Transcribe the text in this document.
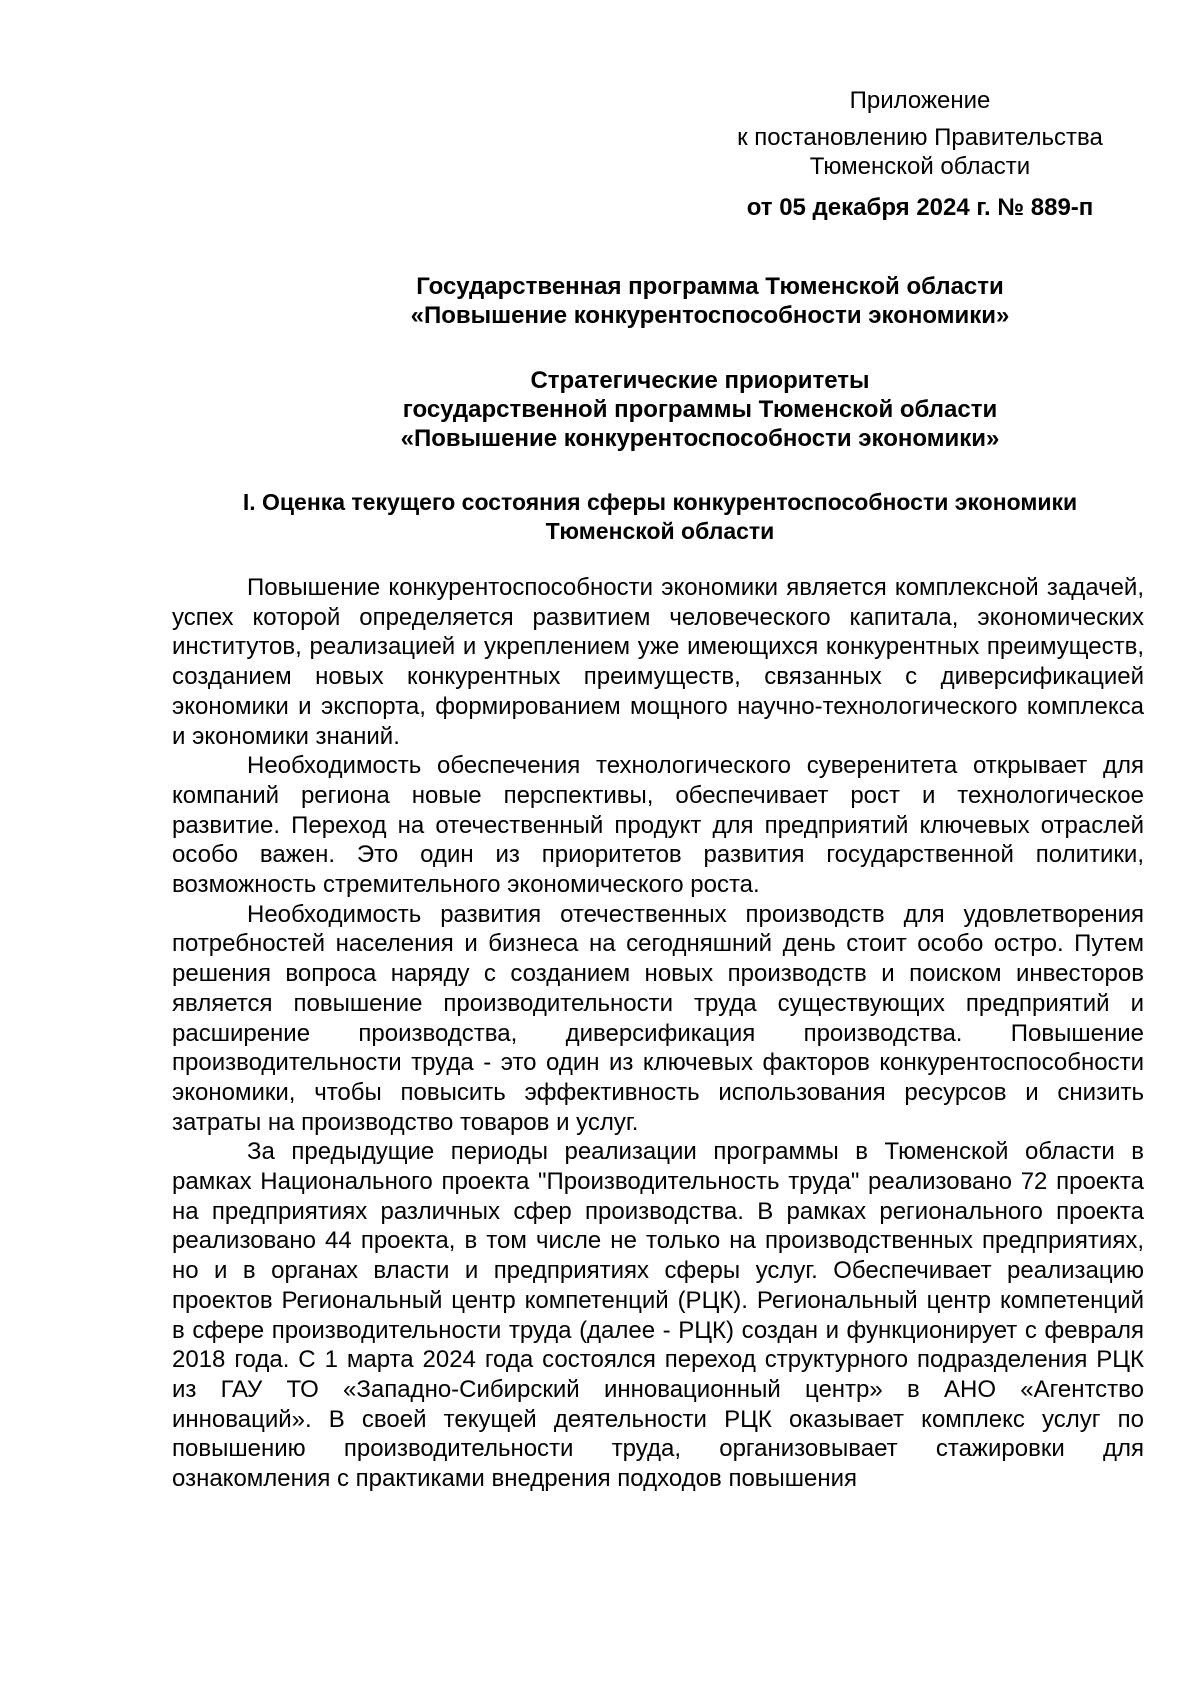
Приложение
к постановлению Правительства Тюменской области
от 05 декабря 2024 г. № 889-п
Государственная программа Тюменской области
«Повышение конкурентоспособности экономики»
Стратегические приоритеты
государственной программы Тюменской области
«Повышение конкурентоспособности экономики»
I. Оценка текущего состояния сферы конкурентоспособности экономики
Тюменской области

Повышение конкурентоспособности экономики является комплексной задачей, успех которой определяется развитием человеческого капитала, экономических институтов, реализацией и укреплением уже имеющихся конкурентных преимуществ, созданием новых конкурентных преимуществ, связанных с диверсификацией экономики и экспорта, формированием мощного научно-технологического комплекса и экономики знаний.

Необходимость обеспечения технологического суверенитета открывает для компаний региона новые перспективы, обеспечивает рост и технологическое развитие. Переход на отечественный продукт для предприятий ключевых отраслей особо важен. Это один из приоритетов развития государственной политики, возможность стремительного экономического роста.

Необходимость развития отечественных производств для удовлетворения потребностей населения и бизнеса на сегодняшний день стоит особо остро. Путем решения вопроса наряду с созданием новых производств и поиском инвесторов является повышение производительности труда существующих предприятий и расширение производства, диверсификация производства. Повышение производительности труда - это один из ключевых факторов конкурентоспособности экономики, чтобы повысить эффективность использования ресурсов и снизить затраты на производство товаров и услуг.

За предыдущие периоды реализации программы в Тюменской области в рамках Национального проекта "Производительность труда" реализовано 72 проекта на предприятиях различных сфер производства. В рамках регионального проекта реализовано 44 проекта, в том числе не только на производственных предприятиях, но и в органах власти и предприятиях сферы услуг. Обеспечивает реализацию проектов Региональный центр компетенций (РЦК). Региональный центр компетенций в сфере производительности труда (далее - РЦК) создан и функционирует с февраля 2018 года. С 1 марта 2024 года состоялся переход структурного подразделения РЦК из ГАУ ТО «Западно-Сибирский инновационный центр» в АНО «Агентство инноваций». В своей текущей деятельности РЦК оказывает комплекс услуг по повышению производительности труда, организовывает стажировки для ознакомления с практиками внедрения подходов повышения
